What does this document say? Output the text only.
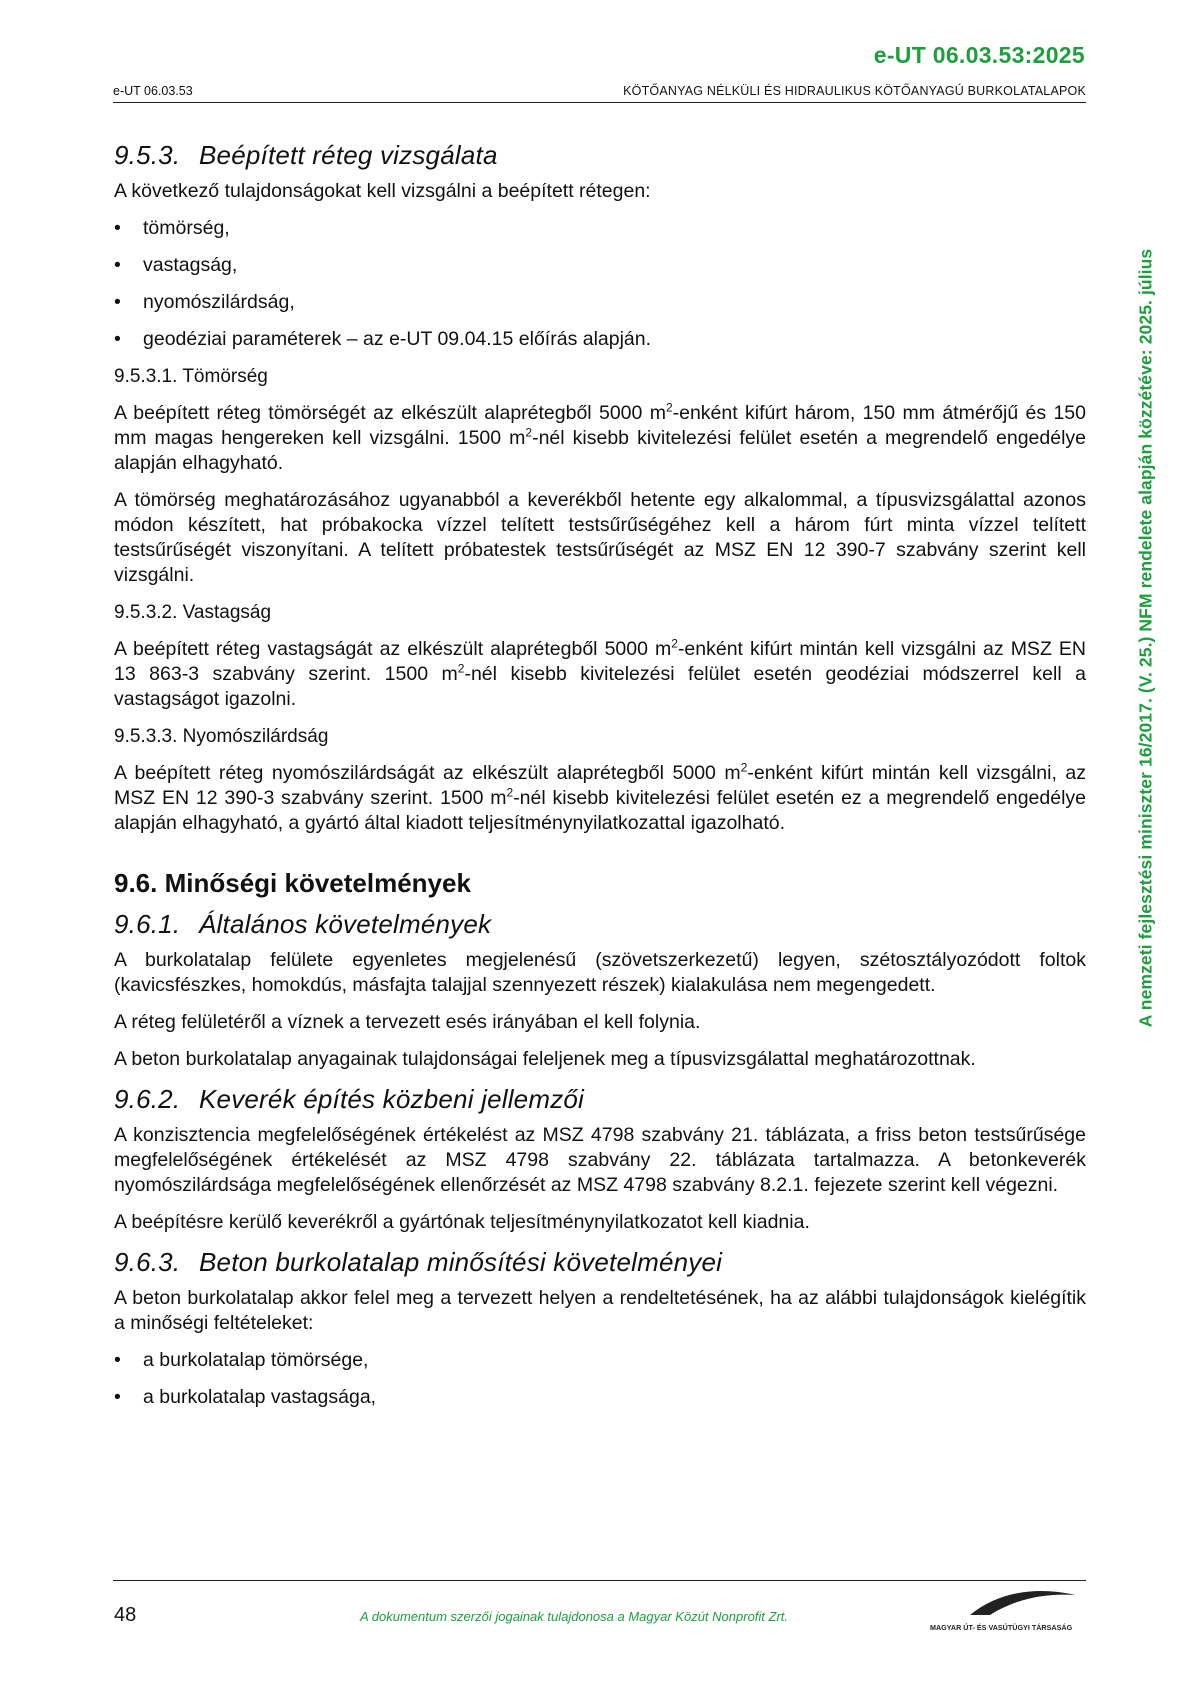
e-UT 06.03.53:2025
e-UT 06.03.53	KÖTŐANYAG NÉLKÜLI ÉS HIDRAULIKUS KÖTŐANYAGÚ BURKOLATALAPOK
A nemzeti fejlesztési miniszter 16/2017. (V. 25.) NFM rendelete alapján közzétéve: 2025. július
9.5.3. Beépített réteg vizsgálata

A következő tulajdonságokat kell vizsgálni a beépített rétegen:

• tömörség,
• vastagság,
• nyomószilárdság,
• geodéziai paraméterek – az e-UT 09.04.15 előírás alapján.
9.5.3.1. Tömörség

A beépített réteg tömörségét az elkészült alaprétegből 5000 $m^2$-enként kifúrt három, 150 mm átmérőjű és 150 mm magas hengereken kell vizsgálni. 1500 $m^2$-nél kisebb kivitelezési felület esetén a megrendelő engedélye alapján elhagyható.

A tömörség meghatározásához ugyanabból a keverékből hetente egy alkalommal, a típusvizsgálattal azonos módon készített, hat próbakocka vízzel telített testsűrűségéhez kell a három fúrt minta vízzel telített testsűrűségét viszonyítani. A telített próbatestek testsűrűségét az MSZ EN 12 390-7 szabvány szerint kell vizsgálni.

9.5.3.2. Vastagság

A beépített réteg vastagságát az elkészült alaprétegből 5000 $m^2$-enként kifúrt mintán kell vizsgálni az MSZ EN 13 863-3 szabvány szerint. 1500 $m^2$-nél kisebb kivitelezési felület esetén geodéziai módszerrel kell a vastagságot igazolni.

9.5.3.3. Nyomószilárdság

A beépített réteg nyomószilárdságát az elkészült alaprétegből 5000 $m^2$-enként kifúrt mintán kell vizsgálni, az MSZ EN 12 390-3 szabvány szerint. 1500 $m^2$-nél kisebb kivitelezési felület esetén ez a megrendelő engedélye alapján elhagyható, a gyártó által kiadott teljesítménynyilatkozattal igazolható.

9.6. Minőségi követelmények
9.6.1. Általános követelmények

A burkolatalap felülete egyenletes megjelenésű (szövetszerkezetű) legyen, szétosztályozódott foltok (kavicsfészkes, homokdús, másfajta talajjal szennyezett részek) kialakulása nem megengedett.

A réteg felületéről a víznek a tervezett esés irányában el kell folynia.

A beton burkolatalap anyagainak tulajdonságai feleljenek meg a típusvizsgálattal meghatározottnak.

9.6.2. Keverék építés közbeni jellemzői

A konzisztencia megfelelőségének értékelést az MSZ 4798 szabvány 21. táblázata, a friss beton testsűrűsége megfelelőségének értékelését az MSZ 4798 szabvány 22. táblázata tartalmazza. A betonkeverék nyomószilárdsága megfelelőségének ellenőrzését az MSZ 4798 szabvány 8.2.1. fejezete szerint kell végezni.

A beépítésre kerülő keverékről a gyártónak teljesítménynyilatkozatot kell kiadnia.

9.6.3. Beton burkolatalap minősítési követelményei

A beton burkolatalap akkor felel meg a tervezett helyen a rendeltetésének, ha az alábbi tulajdonságok kielégítik a minőségi feltételeket:

• a burkolatalap tömörsége,
• a burkolatalap vastagsága,
48	A dokumentum szerzői jogainak tulajdonosa a Magyar Közút Nonprofit Zrt.
MAGYAR ÚT- ÉS VASÚTÜGYI TÁRSASÁG
